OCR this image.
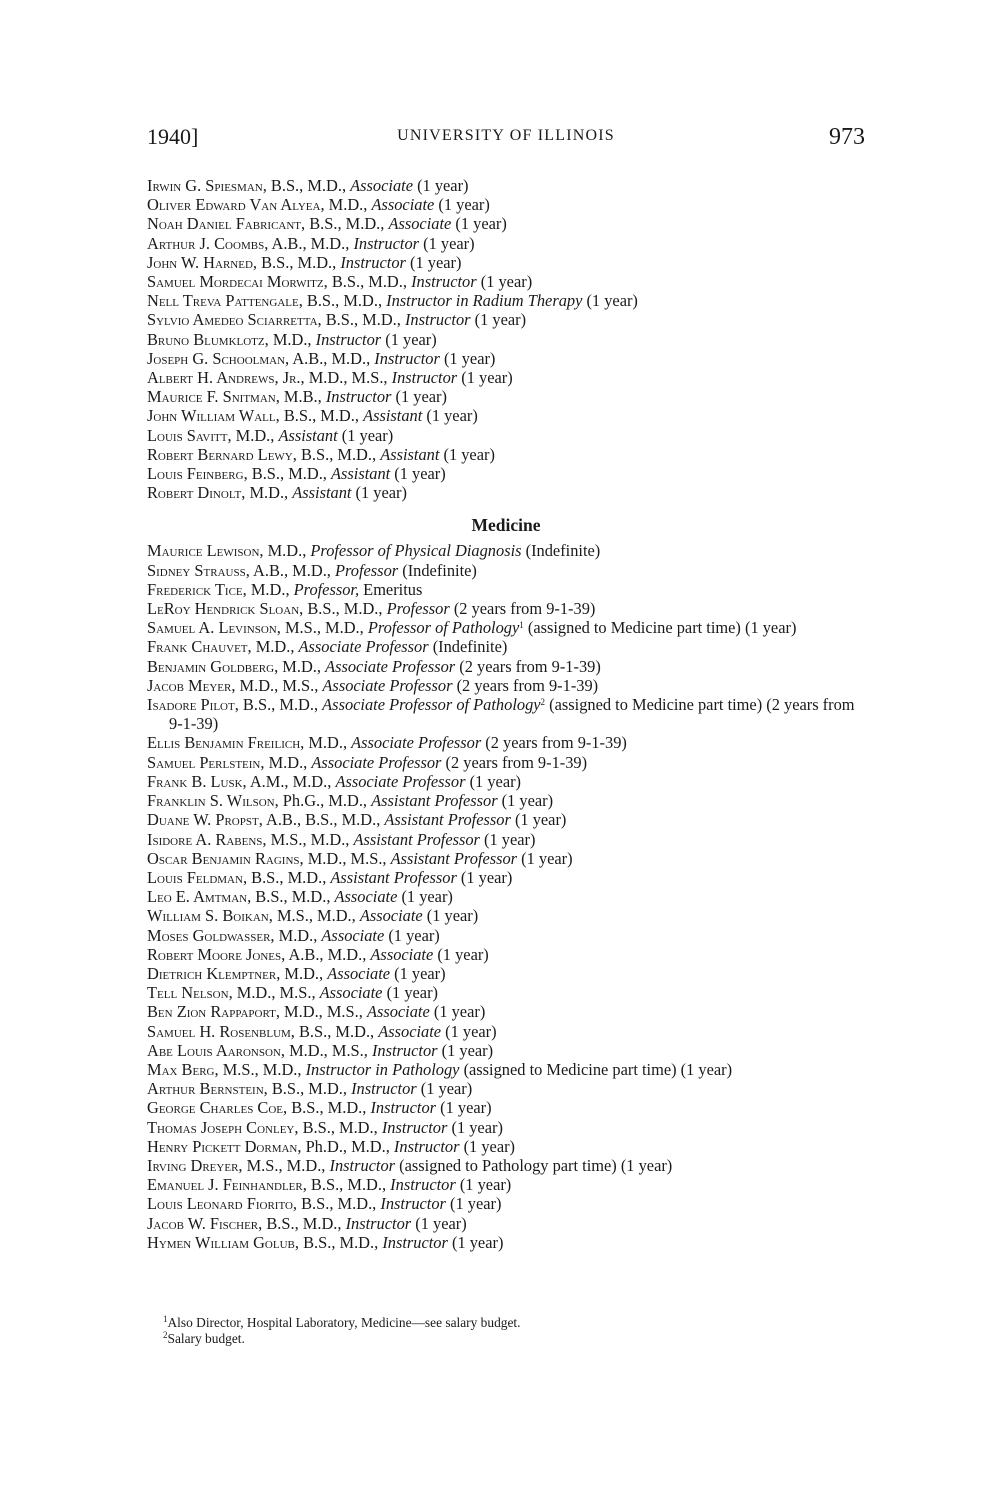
1940]	UNIVERSITY OF ILLINOIS	973
Irwin G. Spiesman, B.S., M.D., Associate (1 year)
Oliver Edward Van Alyea, M.D., Associate (1 year)
Noah Daniel Fabricant, B.S., M.D., Associate (1 year)
Arthur J. Coombs, A.B., M.D., Instructor (1 year)
John W. Harned, B.S., M.D., Instructor (1 year)
Samuel Mordecai Morwitz, B.S., M.D., Instructor (1 year)
Nell Treva Pattengale, B.S., M.D., Instructor in Radium Therapy (1 year)
Sylvio Amedeo Sciarretta, B.S., M.D., Instructor (1 year)
Bruno Blumklotz, M.D., Instructor (1 year)
Joseph G. Schoolman, A.B., M.D., Instructor (1 year)
Albert H. Andrews, Jr., M.D., M.S., Instructor (1 year)
Maurice F. Snitman, M.B., Instructor (1 year)
John William Wall, B.S., M.D., Assistant (1 year)
Louis Savitt, M.D., Assistant (1 year)
Robert Bernard Lewy, B.S., M.D., Assistant (1 year)
Louis Feinberg, B.S., M.D., Assistant (1 year)
Robert Dinolt, M.D., Assistant (1 year)
Medicine
Maurice Lewison, M.D., Professor of Physical Diagnosis (Indefinite)
Sidney Strauss, A.B., M.D., Professor (Indefinite)
Frederick Tice, M.D., Professor, Emeritus
LeRoy Hendrick Sloan, B.S., M.D., Professor (2 years from 9-1-39)
Samuel A. Levinson, M.S., M.D., Professor of Pathology$^1$ (assigned to Medicine part time) (1 year)
Frank Chauvet, M.D., Associate Professor (Indefinite)
Benjamin Goldberg, M.D., Associate Professor (2 years from 9-1-39)
Jacob Meyer, M.D., M.S., Associate Professor (2 years from 9-1-39)
Isadore Pilot, B.S., M.D., Associate Professor of Pathology$^2$ (assigned to Medicine part time) (2 years from 9-1-39)
Ellis Benjamin Freilich, M.D., Associate Professor (2 years from 9-1-39)
Samuel Perlstein, M.D., Associate Professor (2 years from 9-1-39)
Frank B. Lusk, A.M., M.D., Associate Professor (1 year)
Franklin S. Wilson, Ph.G., M.D., Assistant Professor (1 year)
Duane W. Propst, A.B., B.S., M.D., Assistant Professor (1 year)
Isidore A. Rabens, M.S., M.D., Assistant Professor (1 year)
Oscar Benjamin Ragins, M.D., M.S., Assistant Professor (1 year)
Louis Feldman, B.S., M.D., Assistant Professor (1 year)
Leo E. Amtman, B.S., M.D., Associate (1 year)
William S. Boikan, M.S., M.D., Associate (1 year)
Moses Goldwasser, M.D., Associate (1 year)
Robert Moore Jones, A.B., M.D., Associate (1 year)
Dietrich Klemptner, M.D., Associate (1 year)
Tell Nelson, M.D., M.S., Associate (1 year)
Ben Zion Rappaport, M.D., M.S., Associate (1 year)
Samuel H. Rosenblum, B.S., M.D., Associate (1 year)
Abe Louis Aaronson, M.D., M.S., Instructor (1 year)
Max Berg, M.S., M.D., Instructor in Pathology (assigned to Medicine part time) (1 year)
Arthur Bernstein, B.S., M.D., Instructor (1 year)
George Charles Coe, B.S., M.D., Instructor (1 year)
Thomas Joseph Conley, B.S., M.D., Instructor (1 year)
Henry Pickett Dorman, Ph.D., M.D., Instructor (1 year)
Irving Dreyer, M.S., M.D., Instructor (assigned to Pathology part time) (1 year)
Emanuel J. Feinhandler, B.S., M.D., Instructor (1 year)
Louis Leonard Fiorito, B.S., M.D., Instructor (1 year)
Jacob W. Fischer, B.S., M.D., Instructor (1 year)
Hymen William Golub, B.S., M.D., Instructor (1 year)
$^1$Also Director, Hospital Laboratory, Medicine—see salary budget.
$^2$Salary budget.
